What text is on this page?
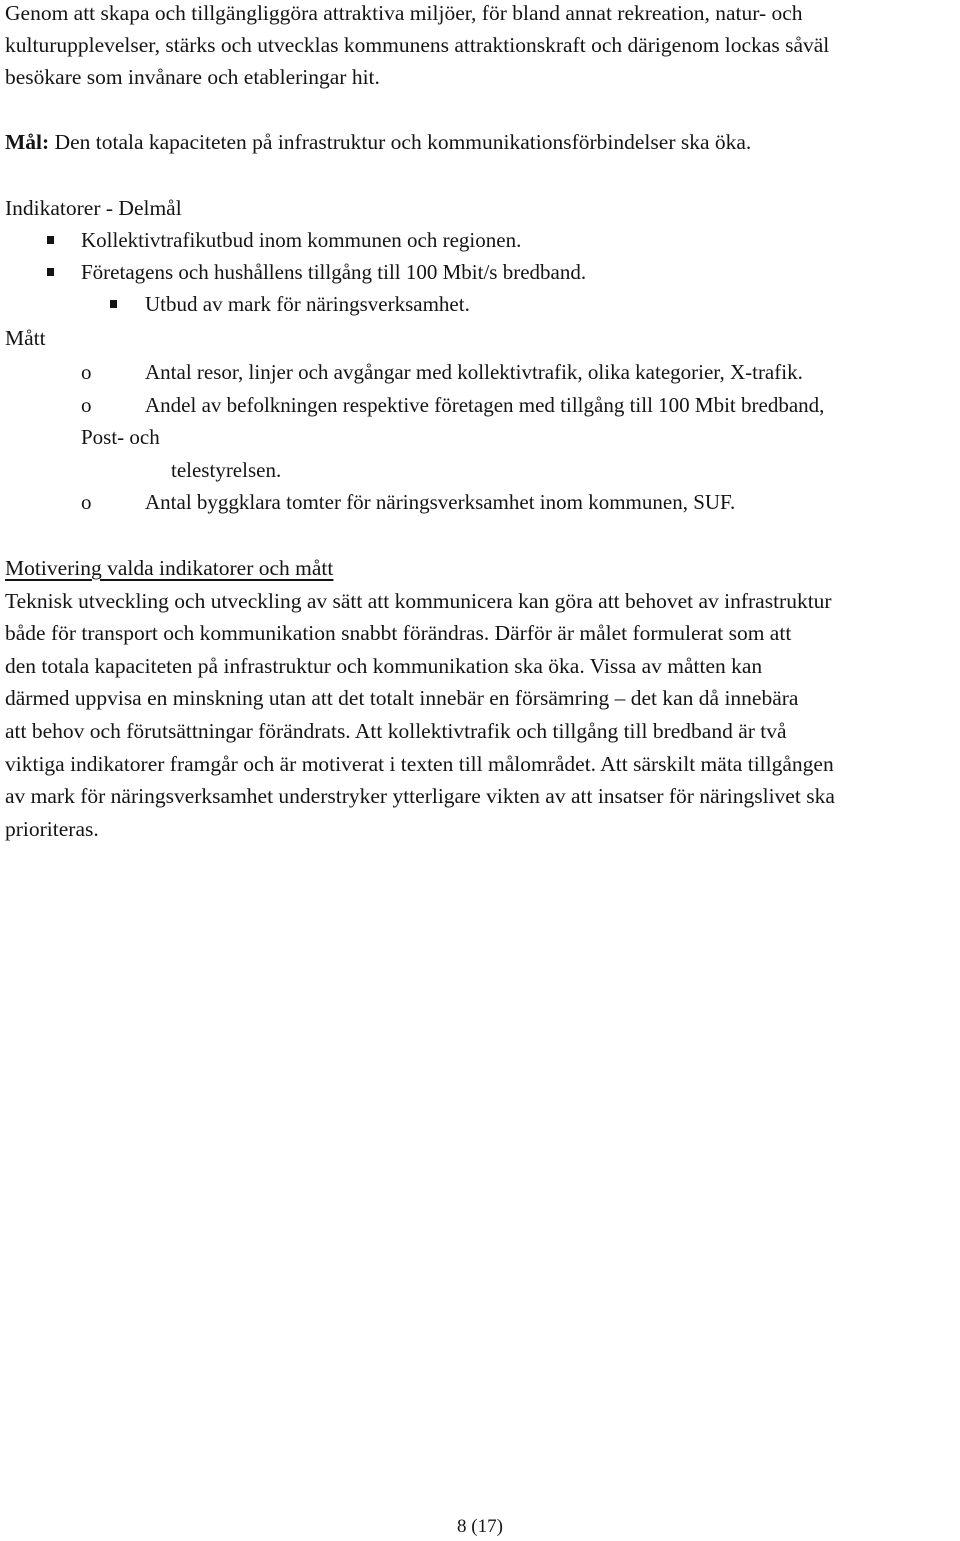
Genom att skapa och tillgängliggöra attraktiva miljöer, för bland annat rekreation, natur- och
kulturupplevelser, stärks och utvecklas kommunens attraktionskraft och därigenom lockas såväl
besökare som invånare och etableringar hit.
Mål: Den totala kapaciteten på infrastruktur och kommunikationsförbindelser ska öka.
Indikatorer - Delmål
Kollektivtrafikutbud inom kommunen och regionen.
Företagens och hushållens tillgång till 100 Mbit/s bredband.
Utbud av mark för näringsverksamhet.
Mått
o	Antal resor, linjer och avgångar med kollektivtrafik, olika kategorier, X-trafik.
o	Andel av befolkningen respektive företagen med tillgång till 100 Mbit bredband,
Post- och
telestyrelsen.
o	Antal byggklara tomter för näringsverksamhet inom kommunen, SUF.
Motivering valda indikatorer och mått
Teknisk utveckling och utveckling av sätt att kommunicera kan göra att behovet av infrastruktur
både för transport och kommunikation snabbt förändras. Därför är målet formulerat som att
den totala kapaciteten på infrastruktur och kommunikation ska öka. Vissa av måtten kan
därmed uppvisa en minskning utan att det totalt innebär en försämring – det kan då innebära
att behov och förutsättningar förändrats. Att kollektivtrafik och tillgång till bredband är två
viktiga indikatorer framgår och är motiverat i texten till målområdet. Att särskilt mäta tillgången
av mark för näringsverksamhet understryker ytterligare vikten av att insatser för näringslivet ska
prioriteras.
8 (17)
